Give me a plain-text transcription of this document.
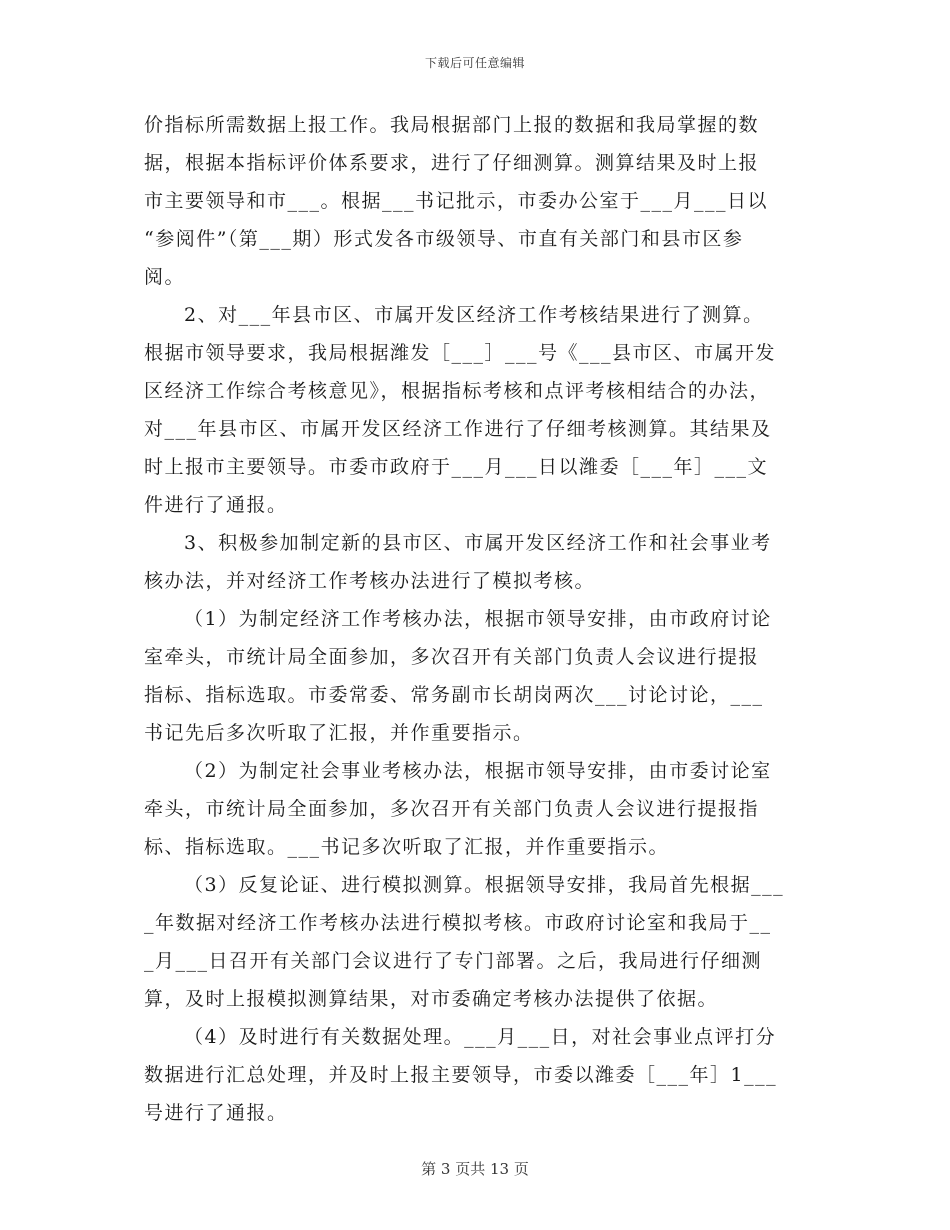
下载后可任意编辑
价指标所需数据上报工作。我局根据部门上报的数据和我局掌握的数
据，根据本指标评价体系要求，进行了仔细测算。测算结果及时上报
市主要领导和市___。根据___书记批示，市委办公室于___月___日以
“参阅件”（第___期）形式发各市级领导、市直有关部门和县市区参
阅。
2、对___年县市区、市属开发区经济工作考核结果进行了测算。
根据市领导要求，我局根据潍发［___］___号《___县市区、市属开发
区经济工作综合考核意见》，根据指标考核和点评考核相结合的办法，
对___年县市区、市属开发区经济工作进行了仔细考核测算。其结果及
时上报市主要领导。市委市政府于___月___日以潍委［___年］___文
件进行了通报。
3、积极参加制定新的县市区、市属开发区经济工作和社会事业考
核办法，并对经济工作考核办法进行了模拟考核。
（1）为制定经济工作考核办法，根据市领导安排，由市政府讨论
室牵头，市统计局全面参加，多次召开有关部门负责人会议进行提报
指标、指标选取。市委常委、常务副市长胡岗两次___讨论讨论，___
书记先后多次听取了汇报，并作重要指示。
（2）为制定社会事业考核办法，根据市领导安排，由市委讨论室
牵头，市统计局全面参加，多次召开有关部门负责人会议进行提报指
标、指标选取。___书记多次听取了汇报，并作重要指示。
（3）反复论证、进行模拟测算。根据领导安排，我局首先根据___
_年数据对经济工作考核办法进行模拟考核。市政府讨论室和我局于__
_月___日召开有关部门会议进行了专门部署。之后，我局进行仔细测
算，及时上报模拟测算结果，对市委确定考核办法提供了依据。
（4）及时进行有关数据处理。___月___日，对社会事业点评打分
数据进行汇总处理，并及时上报主要领导，市委以潍委［___年］1___
号进行了通报。
第 3 页共 13 页
